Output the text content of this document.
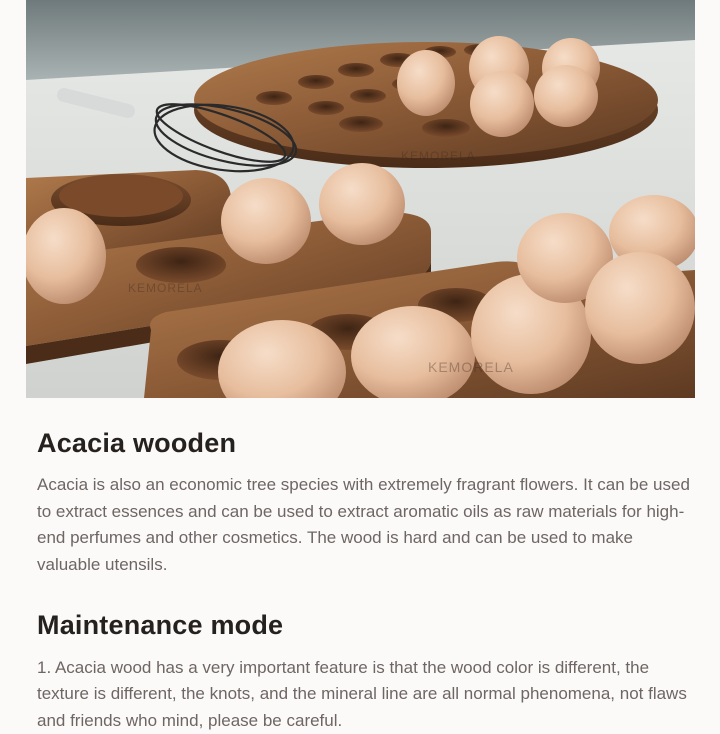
KEMORELA
KEMORELA
KEMORELA
Acacia wooden

Acacia is also an economic tree species with extremely fragrant flowers. It can be used to extract essences and can be used to extract aromatic oils as raw materials for high-end perfumes and other cosmetics. The wood is hard and can be used to make valuable utensils.

Maintenance mode

1. Acacia wood has a very important feature is that the wood color is different, the texture is different, the knots, and the mineral line are all normal phenomena, not flaws and friends who mind, please be careful.
